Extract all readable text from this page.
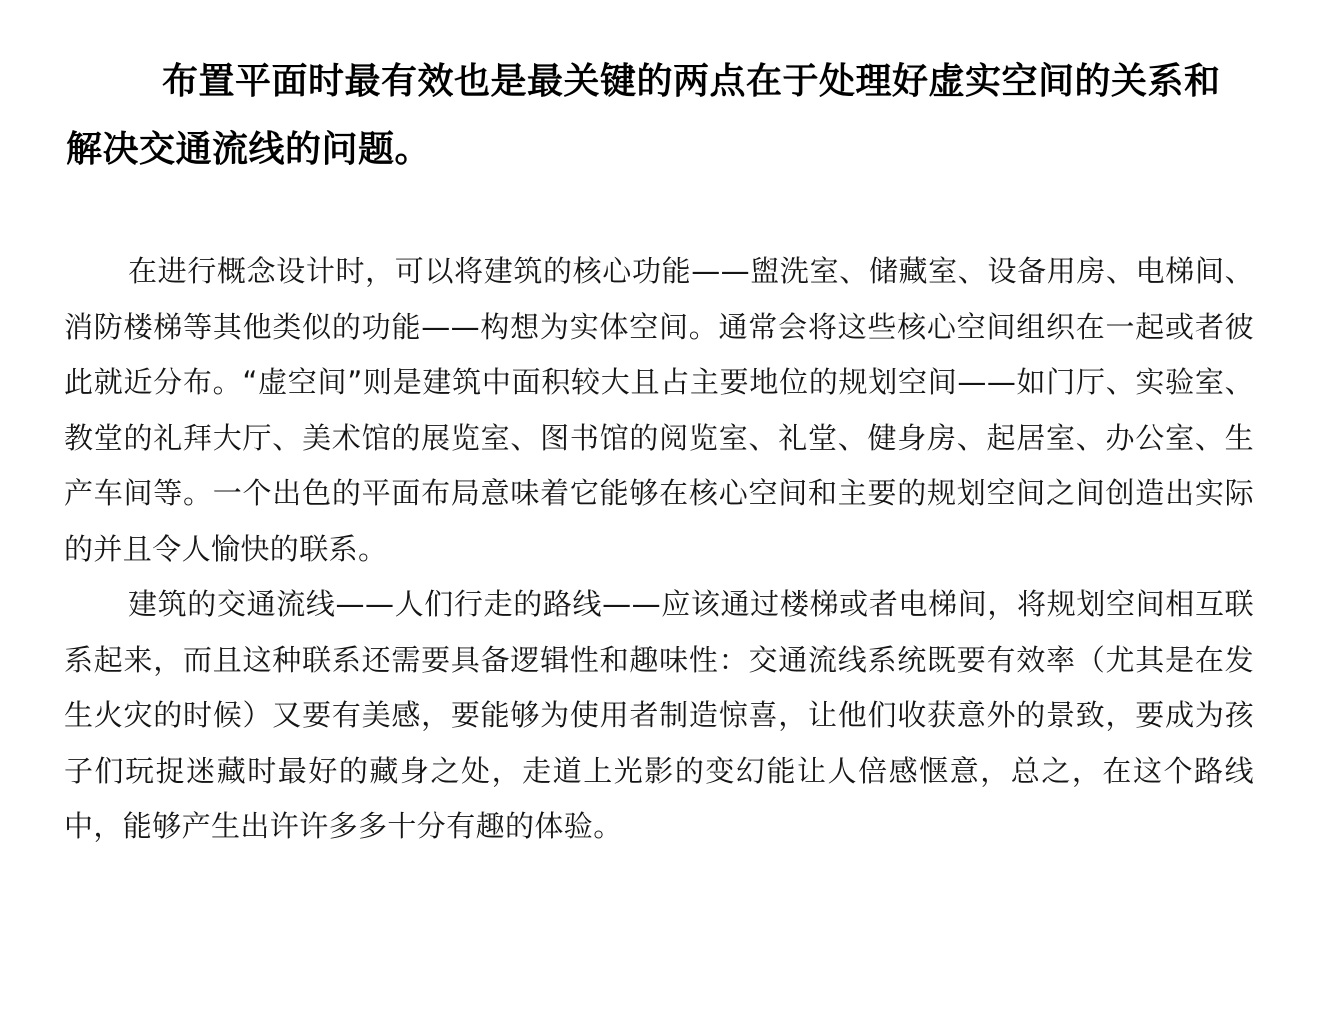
布置平面时最有效也是最关键的两点在于处理好虚实空间的关系和解决交通流线的问题。

在进行概念设计时，可以将建筑的核心功能——盥洗室、储藏室、设备用房、电梯间、消防楼梯等其他类似的功能——构想为实体空间。通常会将这些核心空间组织在一起或者彼此就近分布。“虚空间”则是建筑中面积较大且占主要地位的规划空间——如门厅、实验室、教堂的礼拜大厅、美术馆的展览室、图书馆的阅览室、礼堂、健身房、起居室、办公室、生产车间等。一个出色的平面布局意味着它能够在核心空间和主要的规划空间之间创造出实际的并且令人愉快的联系。

建筑的交通流线——人们行走的路线——应该通过楼梯或者电梯间，将规划空间相互联系起来，而且这种联系还需要具备逻辑性和趣味性：交通流线系统既要有效率（尤其是在发生火灾的时候）又要有美感，要能够为使用者制造惊喜，让他们收获意外的景致，要成为孩子们玩捉迷藏时最好的藏身之处，走道上光影的变幻能让人倍感惬意，总之，在这个路线中，能够产生出许许多多十分有趣的体验。
